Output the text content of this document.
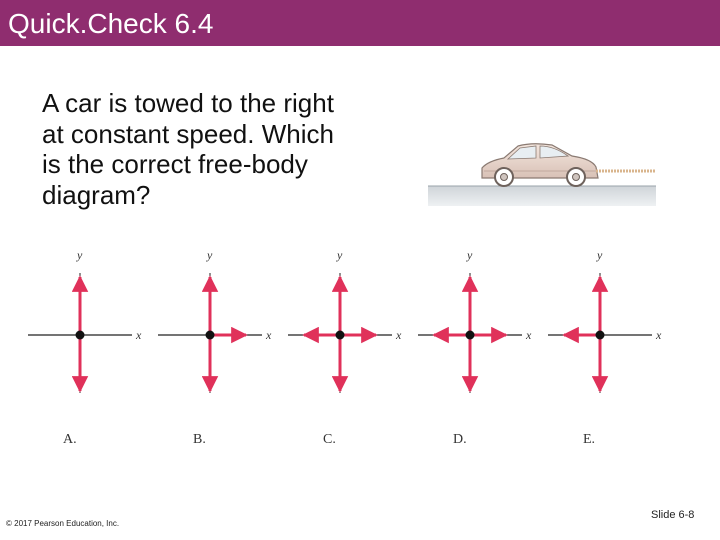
Quick.Check 6.4
A car is towed to the right
at constant speed. Which
is the correct free-body
diagram?
y
x
A.
y
x
B.
y
x
C.
y
x
D.
y
x
E.
© 2017 Pearson Education, Inc.
Slide 6-8
